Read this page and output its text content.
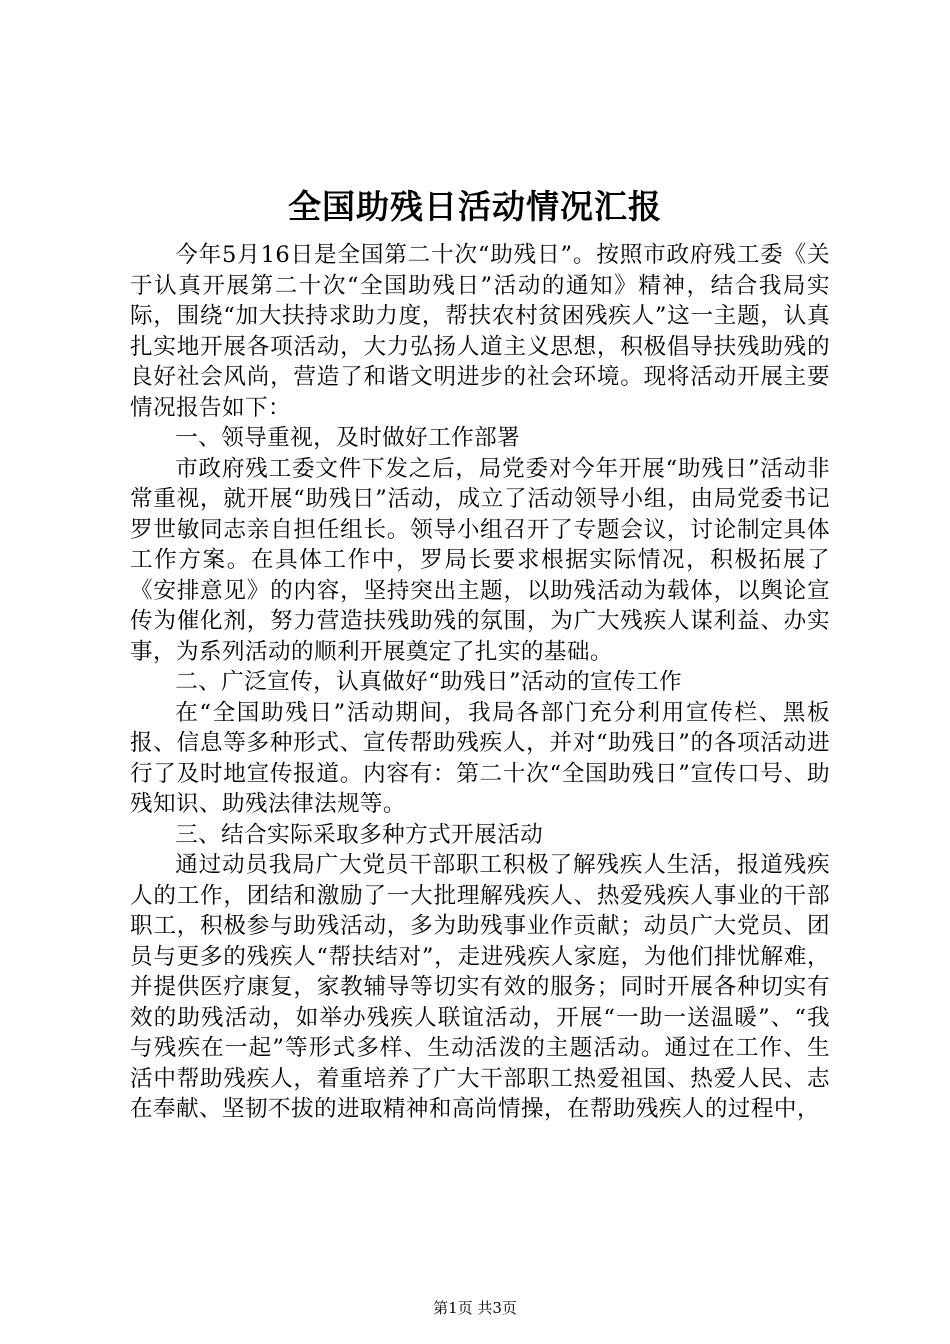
全国助残日活动情况汇报

今年5月16日是全国第二十次“助残日”。按照市政府残工委《关于认真开展第二十次“全国助残日”活动的通知》精神，结合我局实际，围绕“加大扶持求助力度，帮扶农村贫困残疾人”这一主题，认真扎实地开展各项活动，大力弘扬人道主义思想，积极倡导扶残助残的良好社会风尚，营造了和谐文明进步的社会环境。现将活动开展主要情况报告如下：

一、领导重视，及时做好工作部署

市政府残工委文件下发之后，局党委对今年开展“助残日”活动非常重视，就开展“助残日”活动，成立了活动领导小组，由局党委书记罗世敏同志亲自担任组长。领导小组召开了专题会议，讨论制定具体工作方案。在具体工作中，罗局长要求根据实际情况，积极拓展了《安排意见》的内容，坚持突出主题，以助残活动为载体，以舆论宣传为催化剂，努力营造扶残助残的氛围，为广大残疾人谋利益、办实事，为系列活动的顺利开展奠定了扎实的基础。

二、广泛宣传，认真做好“助残日”活动的宣传工作

在“全国助残日”活动期间，我局各部门充分利用宣传栏、黑板报、信息等多种形式、宣传帮助残疾人，并对“助残日”的各项活动进行了及时地宣传报道。内容有：第二十次“全国助残日”宣传口号、助残知识、助残法律法规等。

三、结合实际采取多种方式开展活动

通过动员我局广大党员干部职工积极了解残疾人生活，报道残疾人的工作，团结和激励了一大批理解残疾人、热爱残疾人事业的干部职工，积极参与助残活动，多为助残事业作贡献；动员广大党员、团员与更多的残疾人“帮扶结对”，走进残疾人家庭，为他们排忧解难，并提供医疗康复，家教辅导等切实有效的服务；同时开展各种切实有效的助残活动，如举办残疾人联谊活动，开展“一助一送温暖”、“我与残疾在一起”等形式多样、生动活泼的主题活动。通过在工作、生活中帮助残疾人，着重培养了广大干部职工热爱祖国、热爱人民、志在奉献、坚韧不拔的进取精神和高尚情操，在帮助残疾人的过程中，

第1页 共3页
